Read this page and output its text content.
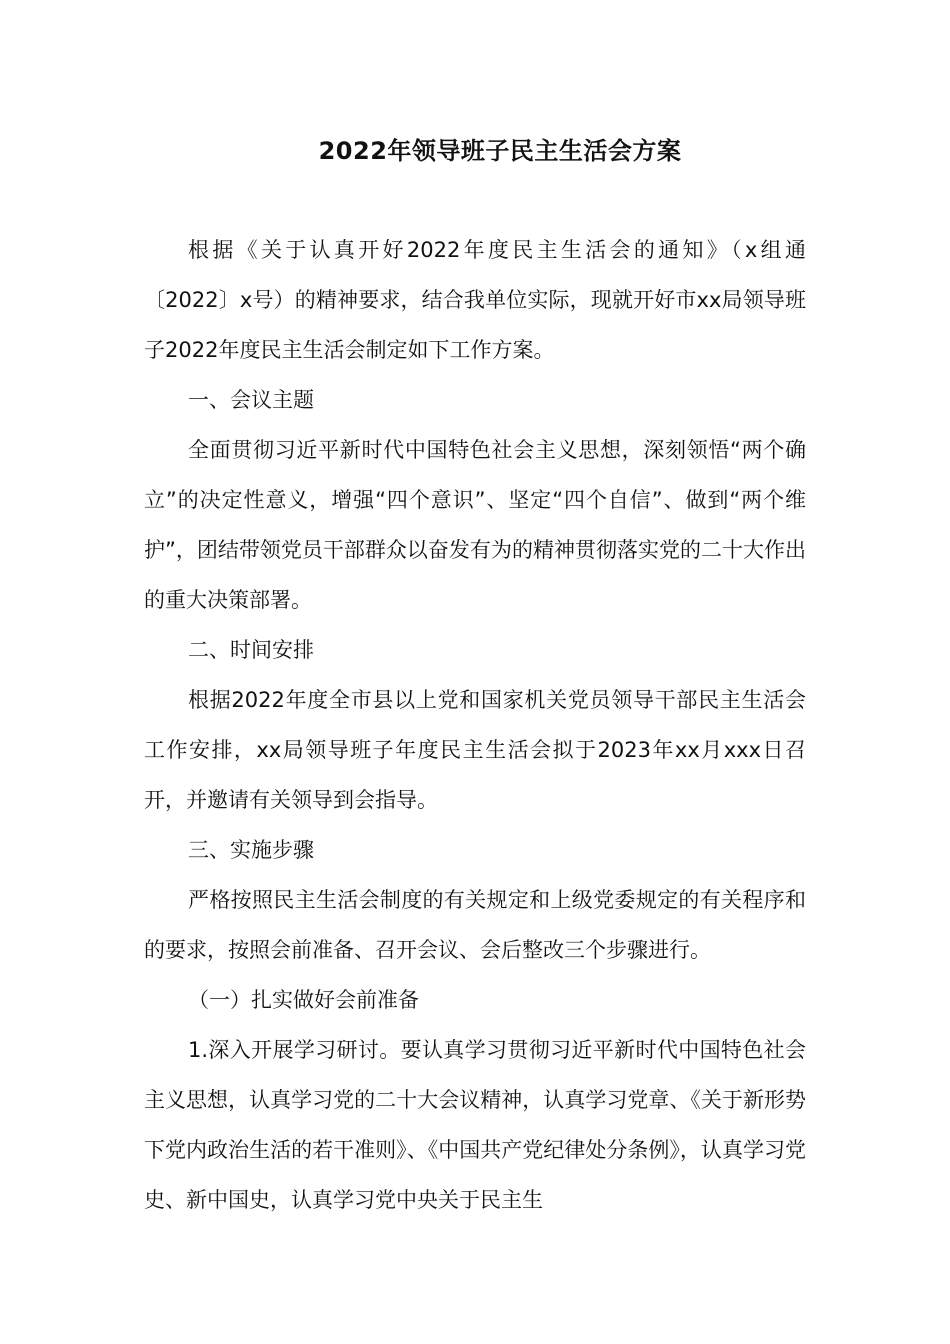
2022年领导班子民主生活会方案

根据《关于认真开好2022年度民主生活会的通知》（x组通〔2022〕x号）的精神要求，结合我单位实际，现就开好市xx局领导班子2022年度民主生活会制定如下工作方案。

一、会议主题

全面贯彻习近平新时代中国特色社会主义思想，深刻领悟“两个确立”的决定性意义，增强“四个意识”、坚定“四个自信”、做到“两个维护”，团结带领党员干部群众以奋发有为的精神贯彻落实党的二十大作出的重大决策部署。

二、时间安排

根据2022年度全市县以上党和国家机关党员领导干部民主生活会工作安排，xx局领导班子年度民主生活会拟于2023年xx月xxx日召开，并邀请有关领导到会指导。

三、实施步骤

严格按照民主生活会制度的有关规定和上级党委规定的有关程序和的要求，按照会前准备、召开会议、会后整改三个步骤进行。

（一）扎实做好会前准备

1.深入开展学习研讨。要认真学习贯彻习近平新时代中国特色社会主义思想，认真学习党的二十大会议精神，认真学习党章、《关于新形势下党内政治生活的若干准则》、《中国共产党纪律处分条例》，认真学习党史、新中国史，认真学习党中央关于民主生
